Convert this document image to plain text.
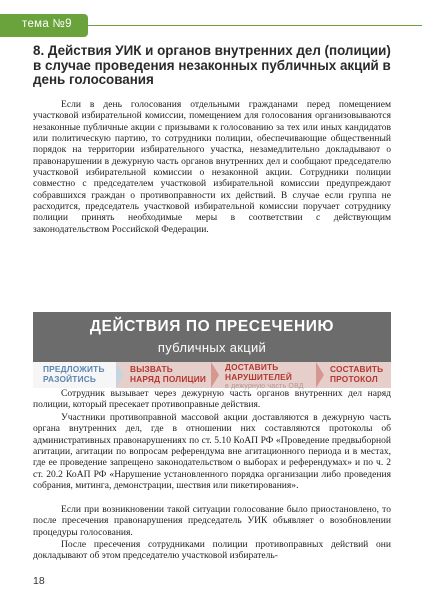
тема №9
8. Действия УИК и органов внутренних дел (полиции) в случае проведения незаконных публичных акций в день голосования

Если в день голосования отдельными гражданами перед помещением участковой избирательной комиссии, помещением для голосования организовываются незаконные публичные акции с призывами к голосованию за тех или иных кандидатов или политическую партию, то сотрудники полиции, обеспечивающие общественный порядок на территории избирательного участка, незамедлительно докладывают о правонарушении в дежурную часть органов внутренних дел и сообщают председателю участковой избирательной комиссии о незаконной акции. Сотрудники полиции совместно с председателем участковой избирательной комиссии предупреждают собравшихся граждан о противоправности их действий. В случае если группа не расходится, председатель участковой избирательной комиссии поручает сотруднику полиции принять необходимые меры в соответствии с действующим законодательством Российской Федерации.

ДЕЙСТВИЯ ПО ПРЕСЕЧЕНИЮ
публичных акций
ПРЕДЛОЖИТЬ
РАЗОЙТИСЬ
ВЫЗВАТЬ
НАРЯД ПОЛИЦИИ
ДОСТАВИТЬ
НАРУШИТЕЛЕЙ
в дежурную часть ОВД
СОСТАВИТЬ
ПРОТОКОЛ

Сотрудник вызывает через дежурную часть органов внутренних дел наряд полиции, который пресекает противоправные действия.

Участники противоправной массовой акции доставляются в дежурную часть органа внутренних дел, где в отношении них составляются протоколы об административных правонарушениях по ст. 5.10 КоАП РФ «Проведение предвыборной агитации, агитации по вопросам референдума вне агитационного периода и в местах, где ее проведение запрещено законодательством о выборах и референдумах» и по ч. 2 ст. 20.2 КоАП РФ «Нарушение установленного порядка организации либо проведения собрания, митинга, демонстрации, шествия или пикетирования».

Если при возникновении такой ситуации голосование было приостановлено, то после пресечения правонарушения председатель УИК объявляет о возобновлении процедуры голосования.

После пресечения сотрудниками полиции противоправных действий они докладывают об этом председателю участковой избиратель-

18
